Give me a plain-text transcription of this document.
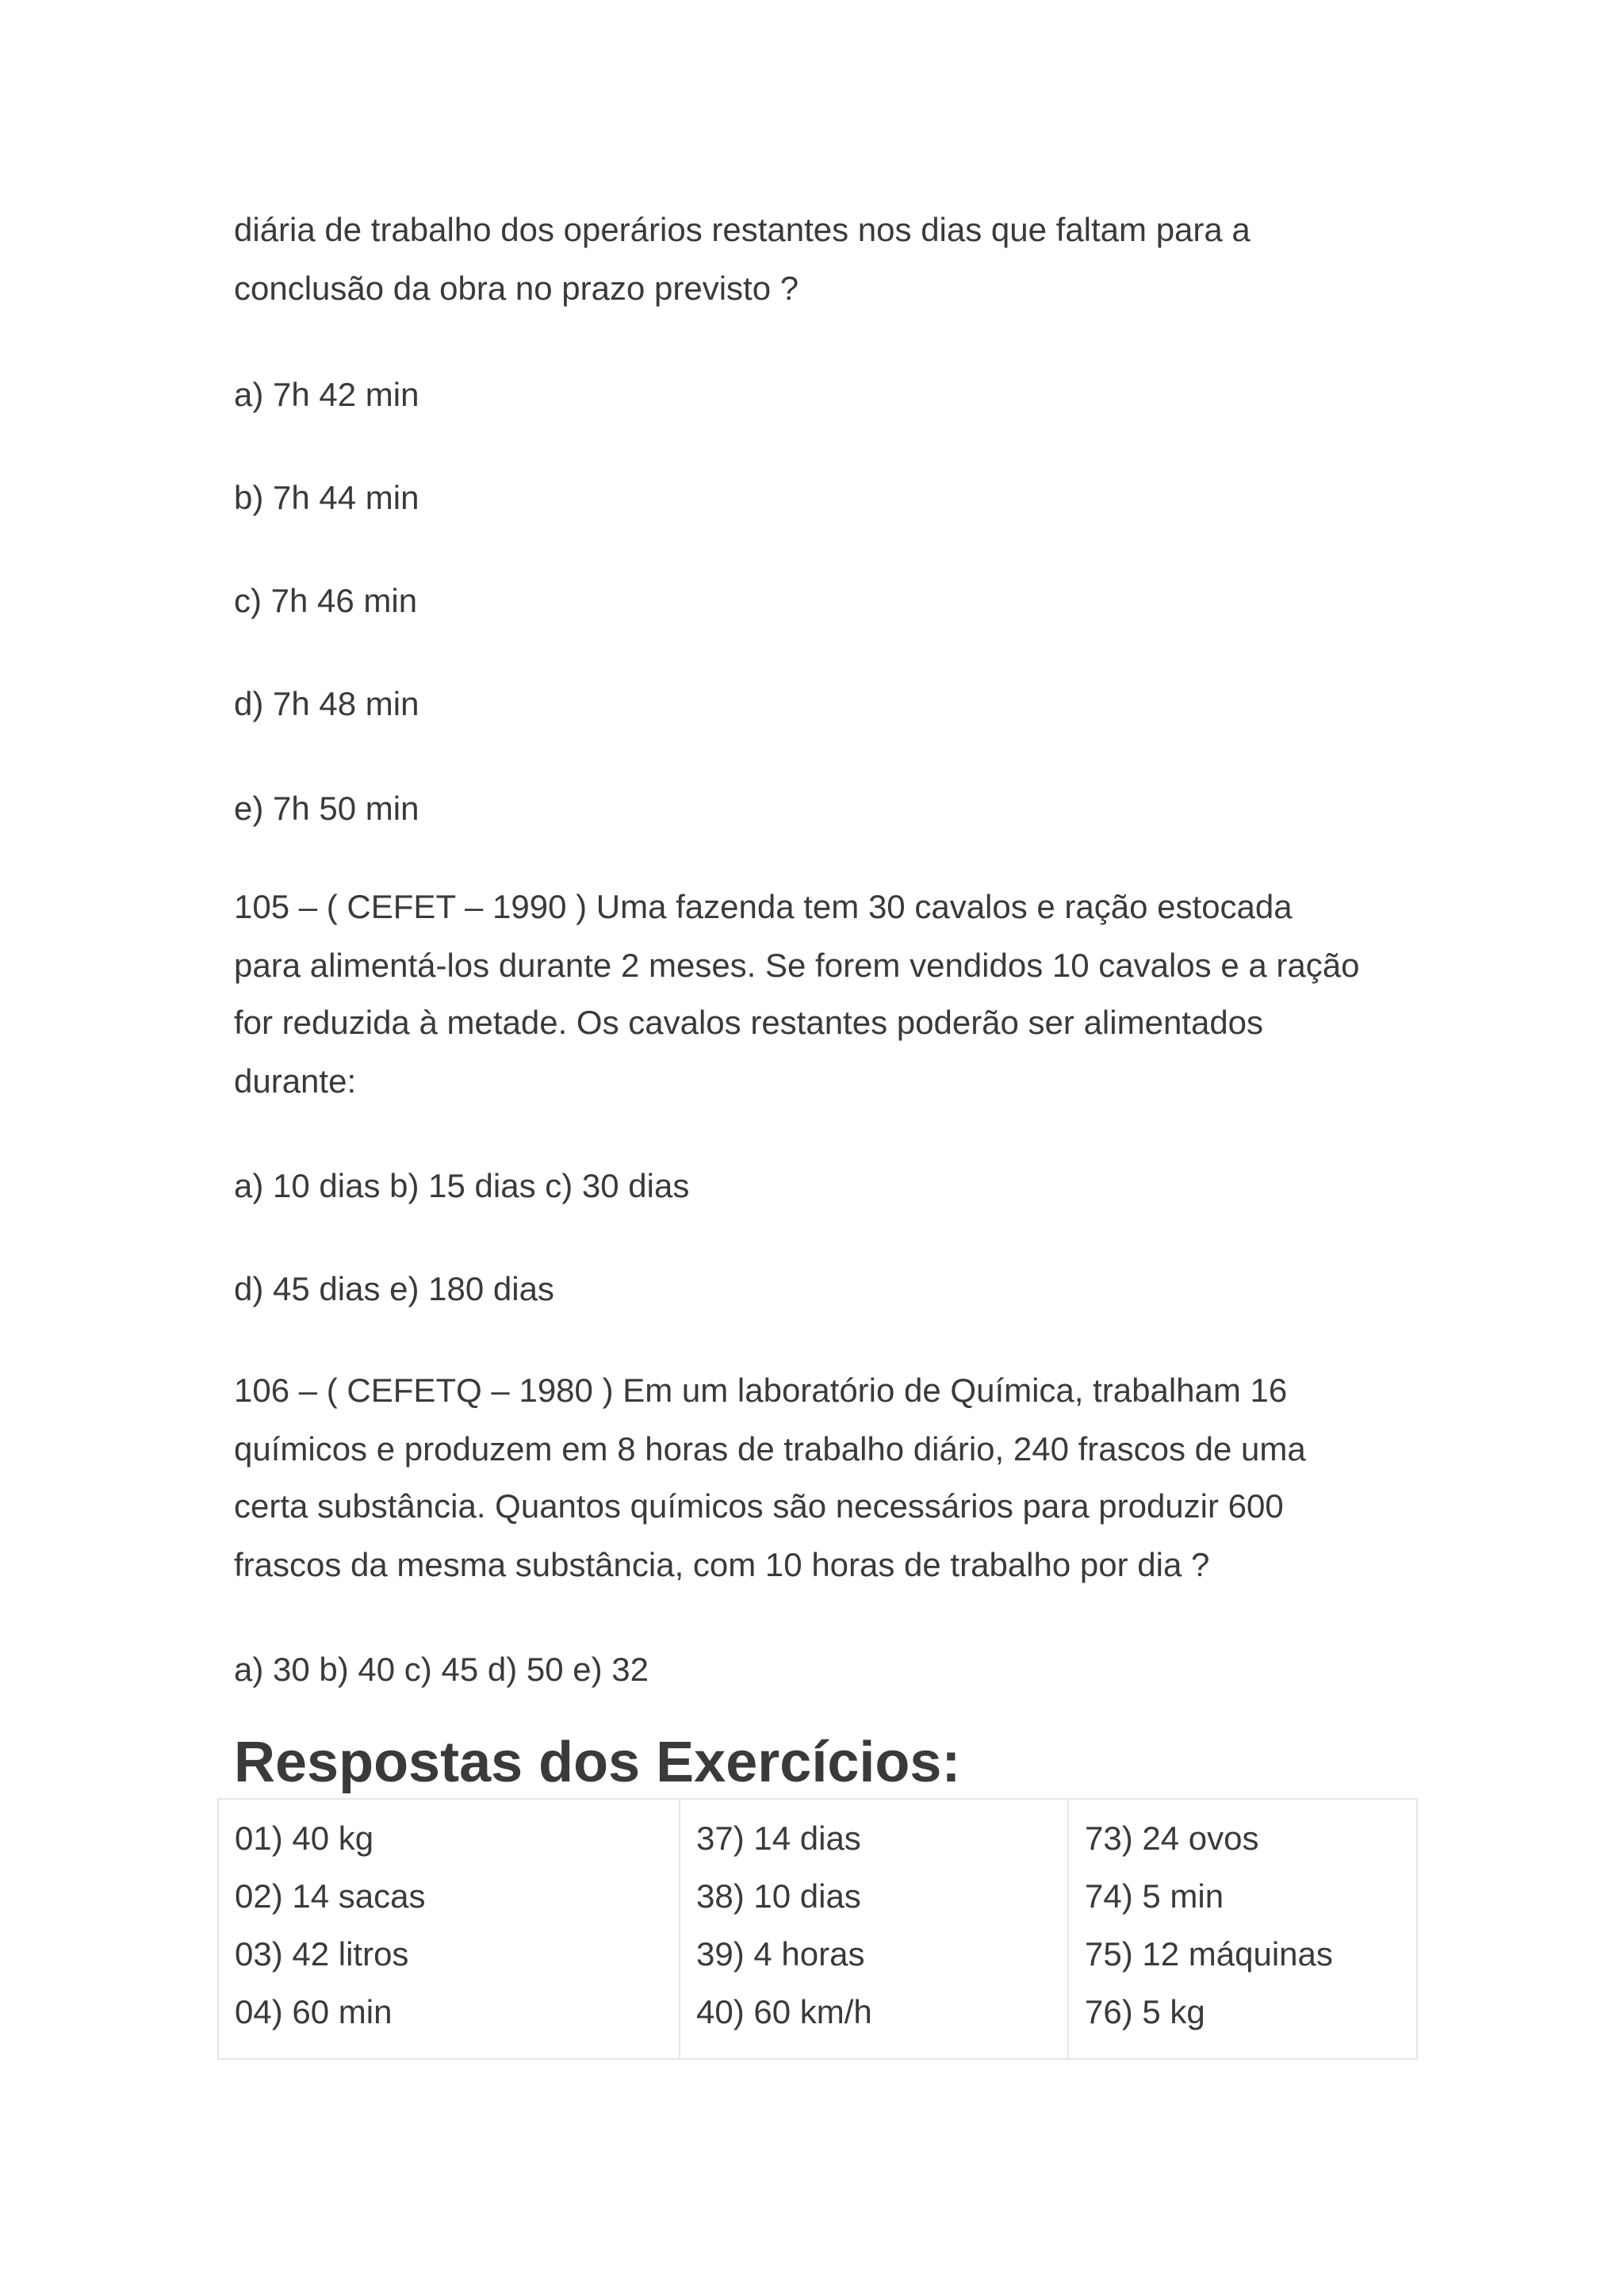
diária de trabalho dos operários restantes nos dias que faltam para a

conclusão da obra no prazo previsto ?

a) 7h 42 min

b) 7h 44 min

c) 7h 46 min

d) 7h 48 min

e) 7h 50 min

105 – ( CEFET – 1990 ) Uma fazenda tem 30 cavalos e ração estocada

para alimentá-los durante 2 meses. Se forem vendidos 10 cavalos e a ração

for reduzida à metade. Os cavalos restantes poderão ser alimentados

durante:

a) 10 dias b) 15 dias c) 30 dias

d) 45 dias e) 180 dias

106 – ( CEFETQ – 1980 ) Em um laboratório de Química, trabalham 16

químicos e produzem em 8 horas de trabalho diário, 240 frascos de uma

certa substância. Quantos químicos são necessários para produzir 600

frascos da mesma substância, com 10 horas de trabalho por dia ?

a) 30 b) 40 c) 45 d) 50 e) 32

Respostas dos Exercícios:
01) 40 kg
02) 14 sacas
03) 42 litros
04) 60 min
37) 14 dias
38) 10 dias
39) 4 horas
40) 60 km/h
73) 24 ovos
74) 5 min
75) 12 máquinas
76) 5 kg
